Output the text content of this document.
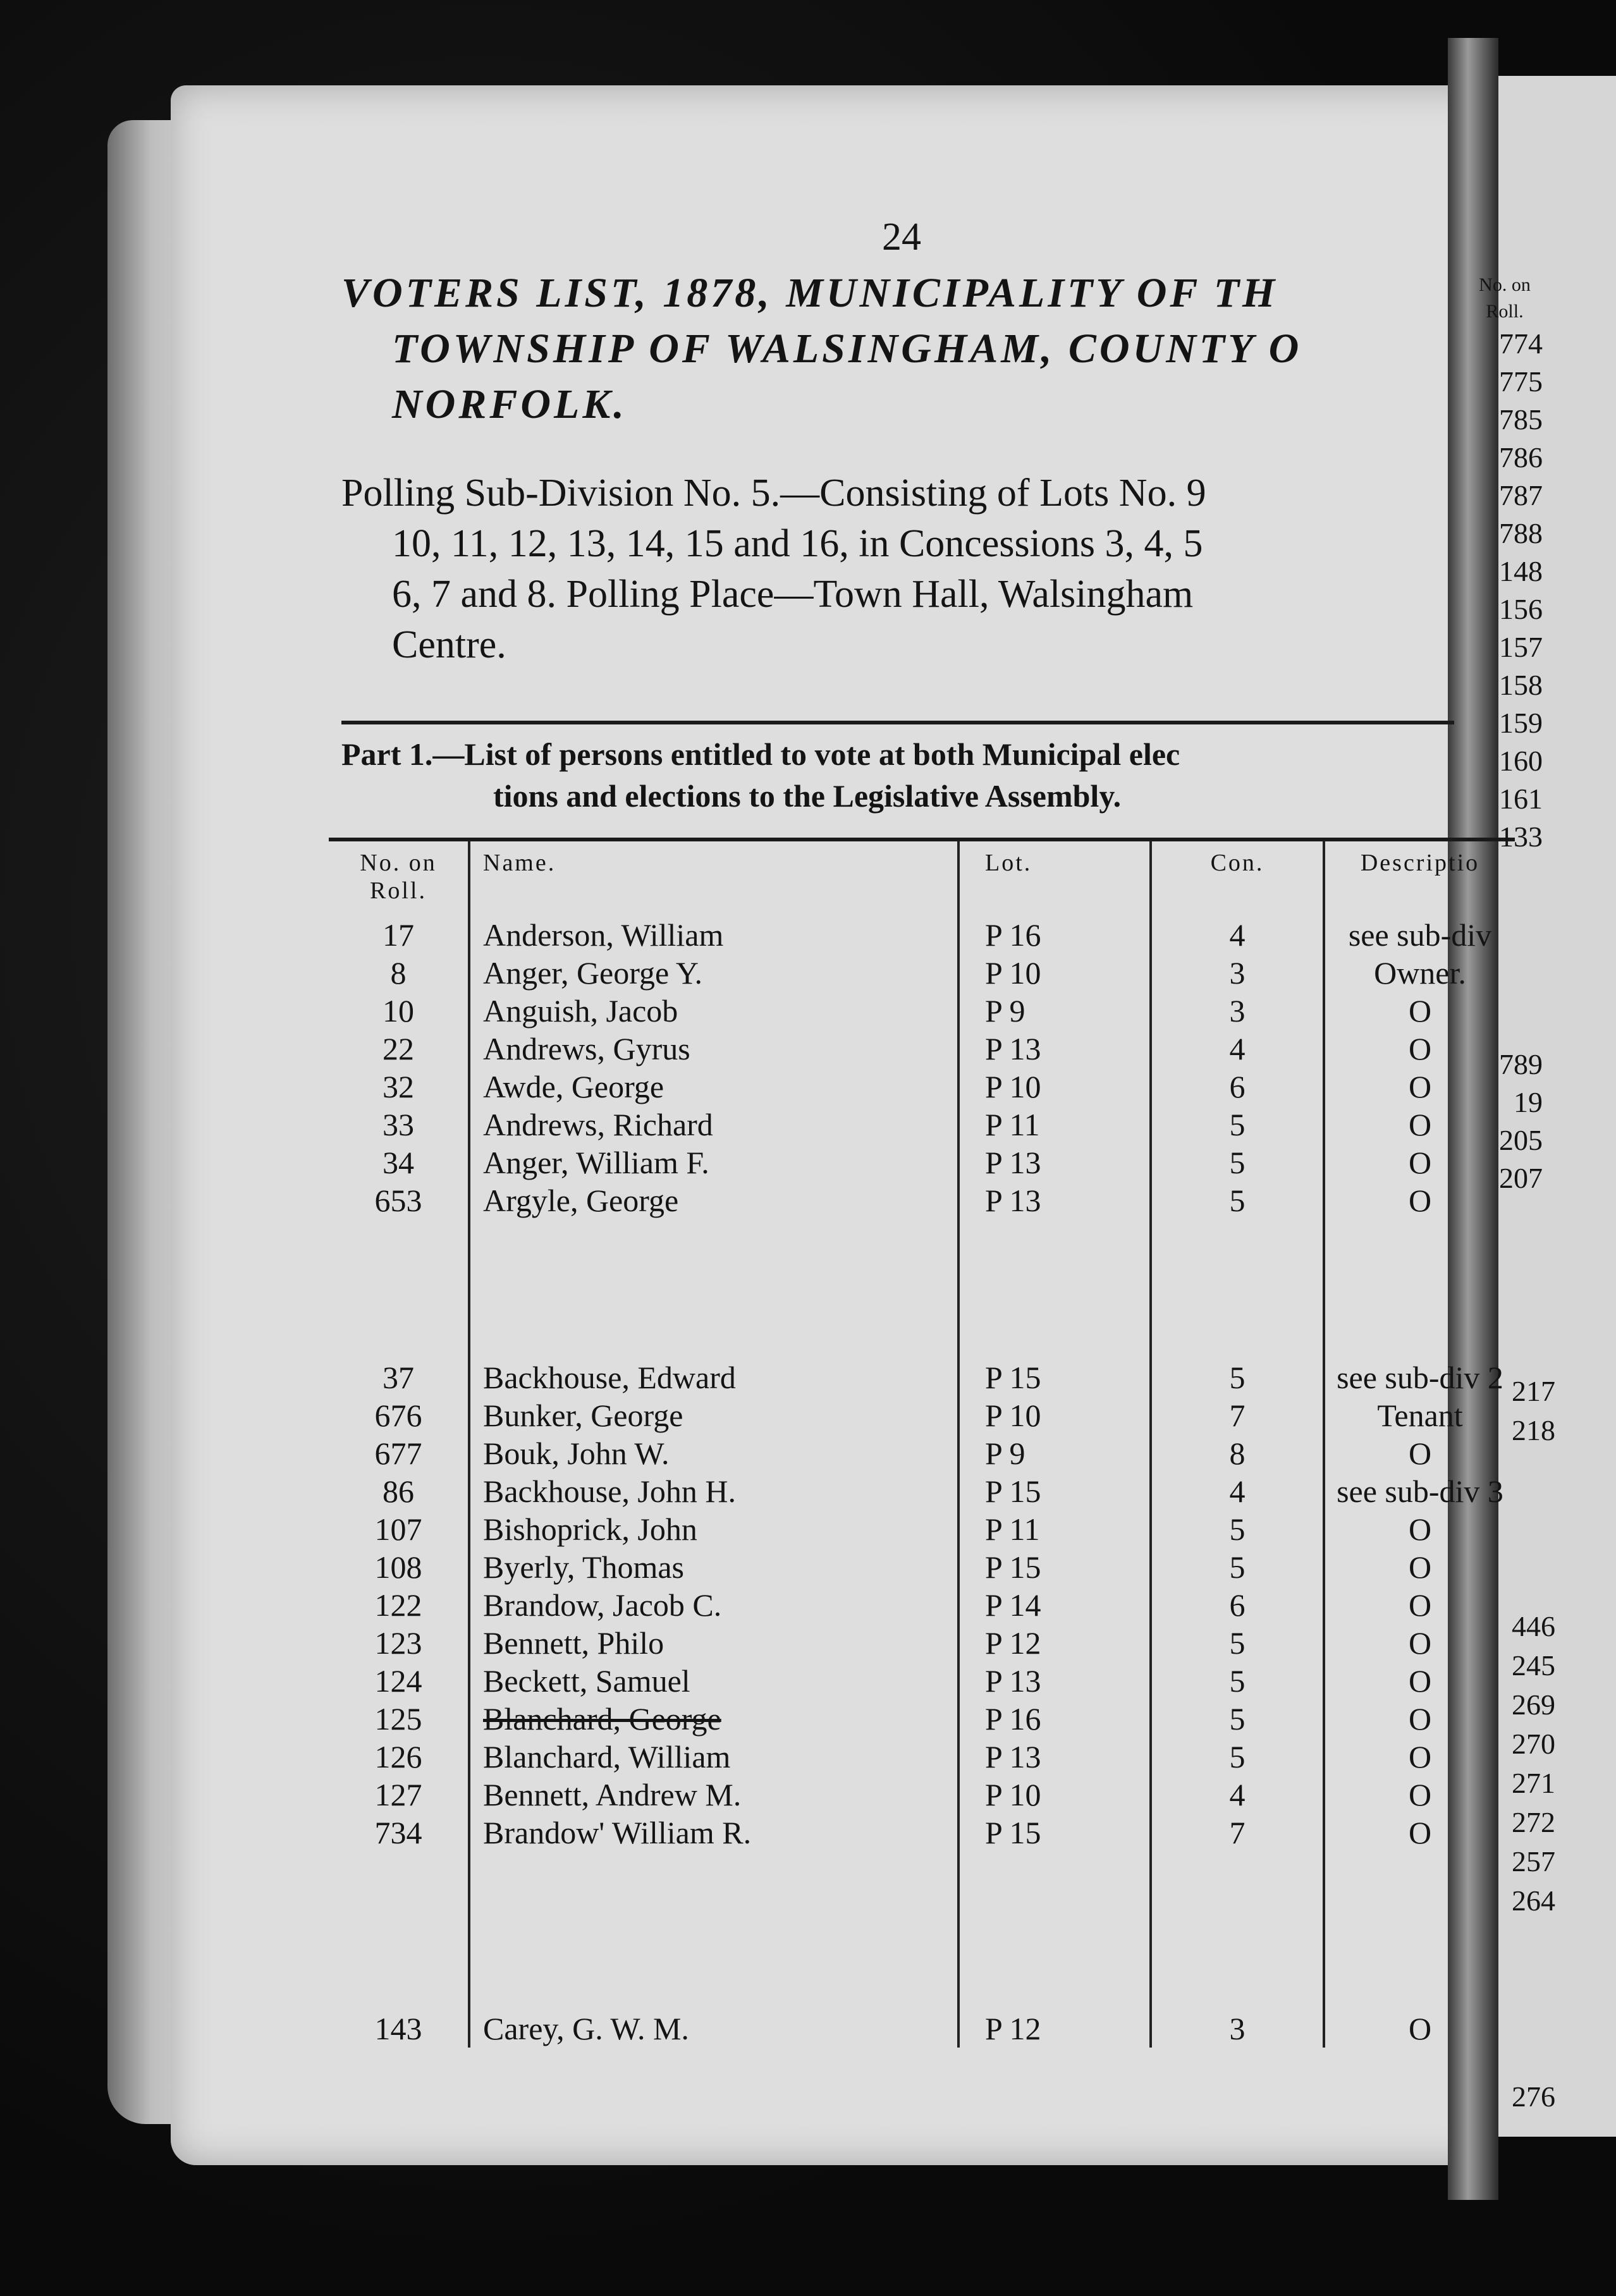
24
VOTERS LIST, 1878, MUNICIPALITY OF TH
TOWNSHIP OF WALSINGHAM, COUNTY O
NORFOLK.
Polling Sub-Division No. 5.—Consisting of Lots No. 9
10, 11, 12, 13, 14, 15 and 16, in Concessions 3, 4, 5
6, 7 and 8. Polling Place—Town Hall, Walsingham
Centre.
Part 1.—List of persons entitled to vote at both Municipal elec
tions and elections to the Legislative Assembly.
No. on Roll.	Name.	Lot.	Con.	Descriptio
17	Anderson, William	P 16	4	see sub-div
8	Anger, George Y.	P 10	3	Owner.
10	Anguish, Jacob	P 9	3	O
22	Andrews, Gyrus	P 13	4	O
32	Awde, George	P 10	6	O
33	Andrews, Richard	P 11	5	O
34	Anger, William F.	P 13	5	O
653	Argyle, George	P 13	5	O

37	Backhouse, Edward	P 15	5	see sub-div 2
676	Bunker, George	P 10	7	Tenant
677	Bouk, John W.	P 9	8	O
86	Backhouse, John H.	P 15	4	see sub-div 3
107	Bishoprick, John	P 11	5	O
108	Byerly, Thomas	P 15	5	O
122	Brandow, Jacob C.	P 14	6	O
123	Bennett, Philo	P 12	5	O
124	Beckett, Samuel	P 13	5	O
125	Blanchard, George	P 16	5	O
126	Blanchard, William	P 13	5	O
127	Bennett, Andrew M.	P 10	4	O
734	Brandow' William R.	P 15	7	O

143	Carey, G. W. M.	P 12	3	O
No. on Roll.
774
775
785
786
787
788
148
156
157
158
159
160
161
133

789
19
205
207
217
218

446
245
269
270
271
272
257
264

276
